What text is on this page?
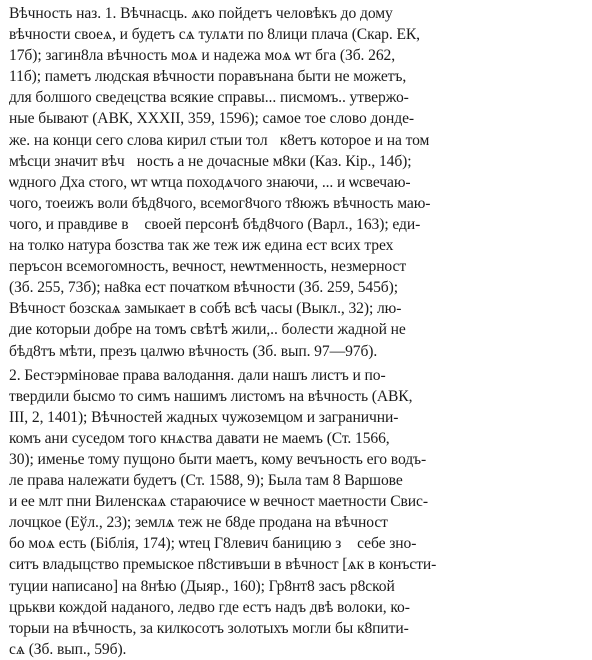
Вѣчность наз. 1. Вѣчнасць. ѧко пойдетъ человѣкъ до дому
вѣчности своеѧ, и будетъ сѧ тулѧти по 8лици плача (Скар. ЕК,
17б); загин8ла вѣчность моѧ и надежа моѧ ѡт бга (Зб. 262,
11б); паметъ людская вѣчности поравънана быти не можетъ,
для болшого сведецства всякие справы... писмомъ.. утвержо-
ные бывают (АВК, XXXII, 359, 1596); самое тое слово донде-
же. на конци сего слова кирил стыи тол꙯к8етъ которое и на том
мѣсци значит вѣч꙯ность а не дочасные м8ки (Каз. Кір., 14б);
ѡдного Дха стого, ѡт ѡтца походѧчого знаючи, ... и ѡсвечаю-
чого, тоеижъ воли бѣд8чого, всемог8чого т8южъ вѣчность маю-
чого, и правдиве в꙯ своей персонѣ бѣд8чого (Варл., 163); еди-
на толко натура бозства так же теж иж едина ест всих трех
перъсон всемогомность, вечност, неѡтменность, незмерност
(Зб. 255, 73б); на8ка ест початком вѣчности (Зб. 259, 545б);
Вѣчност бозскаѧ замыкает в собѣ всѣ часы (Выкл., 32); лю-
дие которыи добре на томъ свѣтѣ жили,.. болести жадной не
бѣд8тъ мѣти, презъ цалѡю вѣчность (Зб. вып. 97—97б).
2. Бестэрміновае права валодання. дали нашъ листъ и по-
твердили бысмо то симъ нашимъ листомъ на вѣчность (АВК,
III, 2, 1401); Вѣчностей жадных чужоземцом и загранични-
комъ ани суседом того кнѧства давати не маемъ (Ст. 1566,
30); именье тому пущоно быти маетъ, кому вечъность его водъ-
ле права належати будетъ (Ст. 1588, 9); Была там 8 Варшове
и ее млт пни Виленскаѧ стараючисе ѡ вечност маетности Свис-
лочцкое (Еўл., 23); землѧ теж не б8де продана на вѣчност
бо моѧ есть (Біблія, 174); ѡтец Г8левич баницию з꙯ себе зно-
ситъ владыцство премыское п8стивъши в вѣчност [ѧк в конъсти-
туции написано] на 8нѣю (Дыяр., 160); Гр8нт8 засъ р8ской
црькви кождой наданого, ледво где естъ надъ двѣ волоки, ко-
торыи на вѣчность, за килкосотъ золотыхъ могли бы к8пити-
сѧ (Зб. вып., 59б).
